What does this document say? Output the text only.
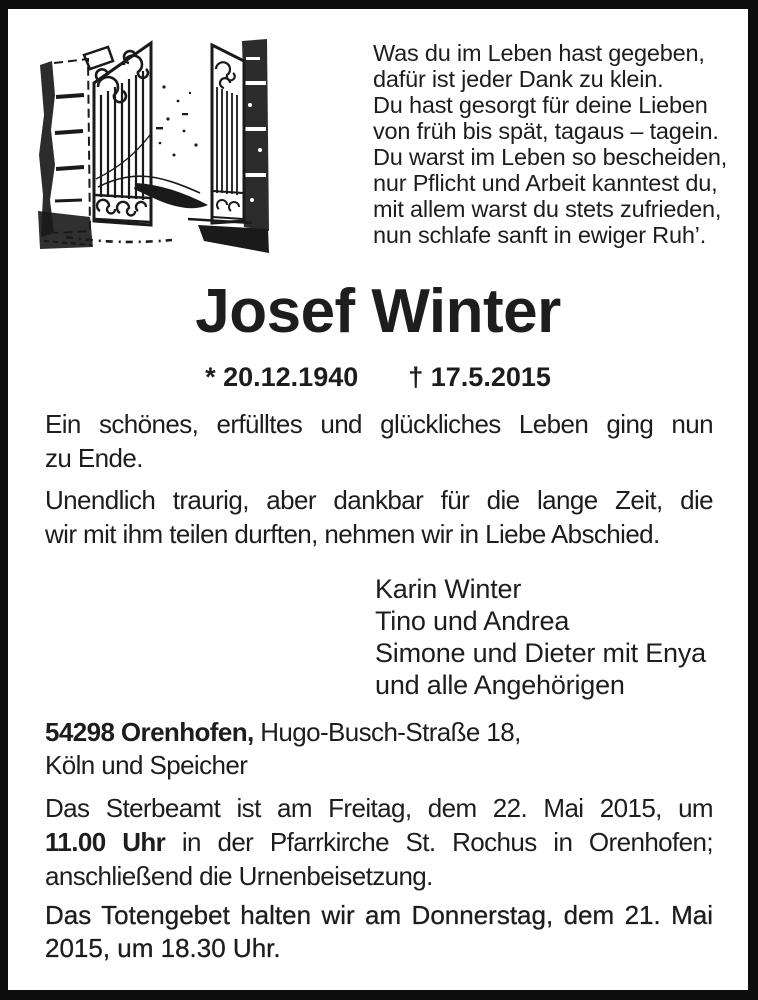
Was du im Leben hast gegeben,
dafür ist jeder Dank zu klein.
Du hast gesorgt für deine Lieben
von früh bis spät, tagaus – tagein.
Du warst im Leben so bescheiden,
nur Pflicht und Arbeit kanntest du,
mit allem warst du stets zufrieden,
nun schlafe sanft in ewiger Ruh’.
Josef Winter
* 20.12.1940 † 17.5.2015
Ein schönes, erfülltes und glückliches Leben ging nun
zu Ende.
Unendlich traurig, aber dankbar für die lange Zeit, die
wir mit ihm teilen durften, nehmen wir in Liebe Abschied.
Karin Winter
Tino und Andrea
Simone und Dieter mit Enya
und alle Angehörigen
54298 Orenhofen, Hugo-Busch-Straße 18,
Köln und Speicher
Das Sterbeamt ist am Freitag, dem 22. Mai 2015, um
11.00 Uhr in der Pfarrkirche St. Rochus in Orenhofen;
anschließend die Urnenbeisetzung.
Das Totengebet halten wir am Donnerstag, dem 21. Mai
2015, um 18.30 Uhr.
